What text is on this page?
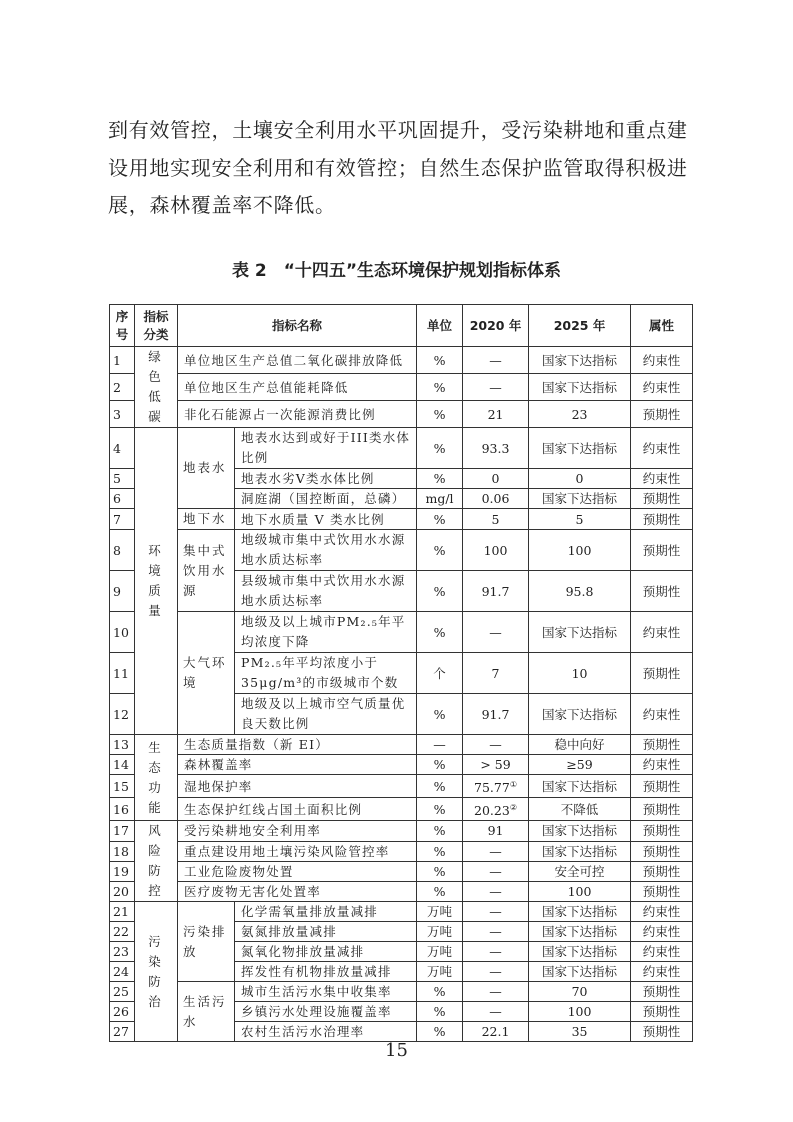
到有效管控，土壤安全利用水平巩固提升，受污染耕地和重点建
设用地实现安全利用和有效管控；自然生态保护监管取得积极进
展，森林覆盖率不降低。
表 2　“十四五”生态环境保护规划指标体系
序号	指标分类	指标名称		单位	2020 年	2025 年	属性
1	绿色低碳	单位地区生产总值二氧化碳排放降低		%	—	国家下达指标	约束性
2		单位地区生产总值能耗降低		%	—	国家下达指标	约束性
3		非化石能源占一次能源消费比例		%	21	23	预期性
4	环境质量	地表水	地表水达到或好于III类水体比例	%	93.3	国家下达指标	约束性
5			地表水劣V类水体比例	%	0	0	约束性
6			洞庭湖（国控断面，总磷）	mg/l	0.06	国家下达指标	预期性
7		地下水	地下水质量 V 类水比例	%	5	5	预期性
8		集中式饮用水源	地级城市集中式饮用水水源地水质达标率	%	100	100	预期性
9			县级城市集中式饮用水水源地水质达标率	%	91.7	95.8	预期性
10		大气环境	地级及以上城市PM₂.₅年平均浓度下降	%	—	国家下达指标	约束性
11			PM₂.₅年平均浓度小于35μg/m³的市级城市个数	个	7	10	预期性
12			地级及以上城市空气质量优良天数比例	%	91.7	国家下达指标	约束性
13	生态功能	生态质量指数（新 EI）		—	—	稳中向好	预期性
14		森林覆盖率		%	> 59	≥59	约束性
15		湿地保护率		%	75.77①	国家下达指标	预期性
16		生态保护红线占国土面积比例		%	20.23②	不降低	预期性
17	风险防控	受污染耕地安全利用率		%	91	国家下达指标	预期性
18		重点建设用地土壤污染风险管控率		%	—	国家下达指标	预期性
19		工业危险废物处置		%	—	安全可控	预期性
20		医疗废物无害化处置率		%	—	100	预期性
21	污染防治	污染排放	化学需氧量排放量减排	万吨	—	国家下达指标	约束性
22			氨氮排放量减排	万吨	—	国家下达指标	约束性
23			氮氧化物排放量减排	万吨	—	国家下达指标	约束性
24			挥发性有机物排放量减排	万吨	—	国家下达指标	约束性
25		生活污水	城市生活污水集中收集率	%	—	70	预期性
26			乡镇污水处理设施覆盖率	%	—	100	预期性
27			农村生活污水治理率	%	22.1	35	预期性
15
